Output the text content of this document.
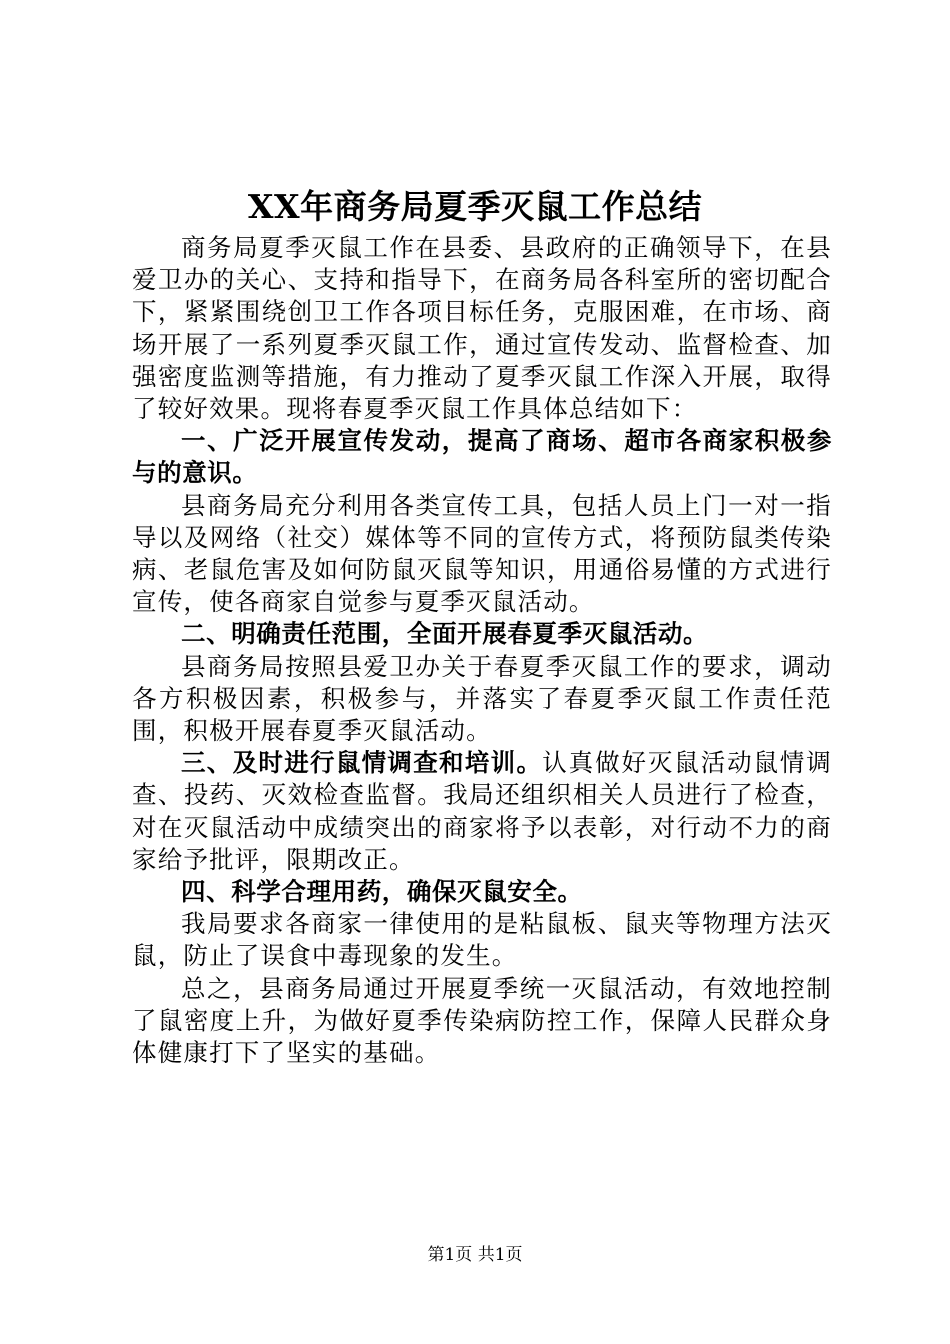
XX年商务局夏季灭鼠工作总结

商务局夏季灭鼠工作在县委、县政府的正确领导下，在县爱卫办的关心、支持和指导下，在商务局各科室所的密切配合下，紧紧围绕创卫工作各项目标任务，克服困难，在市场、商场开展了一系列夏季灭鼠工作，通过宣传发动、监督检查、加强密度监测等措施，有力推动了夏季灭鼠工作深入开展，取得了较好效果。现将春夏季灭鼠工作具体总结如下：

一、广泛开展宣传发动，提高了商场、超市各商家积极参与的意识。

县商务局充分利用各类宣传工具，包括人员上门一对一指导以及网络（社交）媒体等不同的宣传方式，将预防鼠类传染病、老鼠危害及如何防鼠灭鼠等知识，用通俗易懂的方式进行宣传，使各商家自觉参与夏季灭鼠活动。

二、明确责任范围，全面开展春夏季灭鼠活动。

县商务局按照县爱卫办关于春夏季灭鼠工作的要求，调动各方积极因素，积极参与，并落实了春夏季灭鼠工作责任范围，积极开展春夏季灭鼠活动。

三、及时进行鼠情调查和培训。认真做好灭鼠活动鼠情调查、投药、灭效检查监督。我局还组织相关人员进行了检查，对在灭鼠活动中成绩突出的商家将予以表彰，对行动不力的商家给予批评，限期改正。

四、科学合理用药，确保灭鼠安全。

我局要求各商家一律使用的是粘鼠板、鼠夹等物理方法灭鼠，防止了误食中毒现象的发生。

总之，县商务局通过开展夏季统一灭鼠活动，有效地控制了鼠密度上升，为做好夏季传染病防控工作，保障人民群众身体健康打下了坚实的基础。

第1页 共1页
